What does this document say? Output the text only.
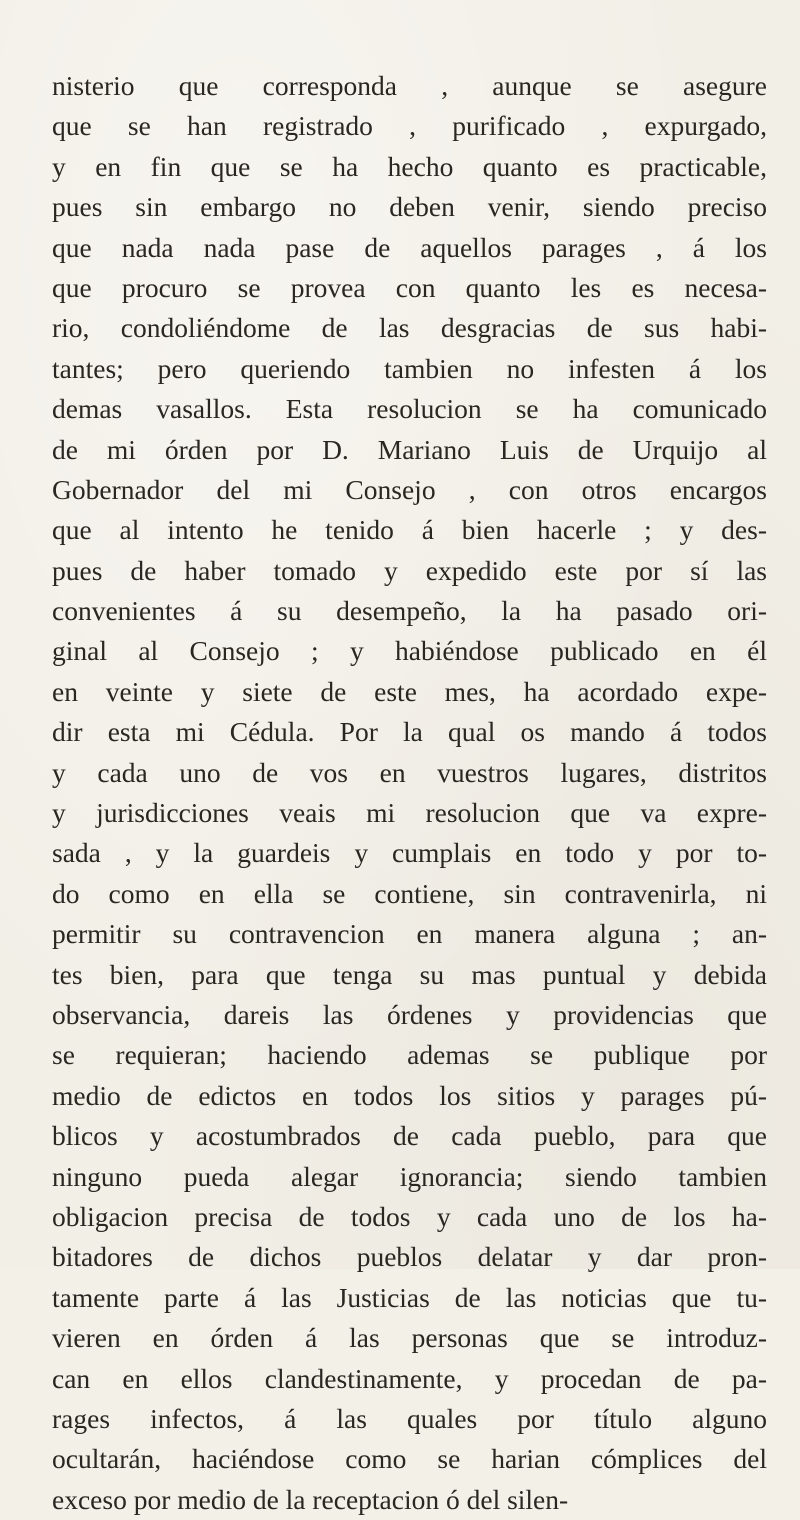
nisterio que corresponda , aunque se asegure
que se han registrado , purificado , expurgado,
y en fin que se ha hecho quanto es practicable,
pues sin embargo no deben venir, siendo preciso
que nada nada pase de aquellos parages , á los
que procuro se provea con quanto les es necesa-
rio, condoliéndome de las desgracias de sus habi-
tantes; pero queriendo tambien no infesten á los
demas vasallos. Esta resolucion se ha comunicado
de mi órden por D. Mariano Luis de Urquijo al
Gobernador del mi Consejo , con otros encargos
que al intento he tenido á bien hacerle ; y des-
pues de haber tomado y expedido este por sí las
convenientes á su desempeño, la ha pasado ori-
ginal al Consejo ; y habiéndose publicado en él
en veinte y siete de este mes, ha acordado expe-
dir esta mi Cédula. Por la qual os mando á todos
y cada uno de vos en vuestros lugares, distritos
y jurisdicciones veais mi resolucion que va expre-
sada , y la guardeis y cumplais en todo y por to-
do como en ella se contiene, sin contravenirla, ni
permitir su contravencion en manera alguna ; an-
tes bien, para que tenga su mas puntual y debida
observancia, dareis las órdenes y providencias que
se requieran; haciendo ademas se publique por
medio de edictos en todos los sitios y parages pú-
blicos y acostumbrados de cada pueblo, para que
ninguno pueda alegar ignorancia; siendo tambien
obligacion precisa de todos y cada uno de los ha-
bitadores de dichos pueblos delatar y dar pron-
tamente parte á las Justicias de las noticias que tu-
vieren en órden á las personas que se introduz-
can en ellos clandestinamente, y procedan de pa-
rages infectos, á las quales por título alguno
ocultarán, haciéndose como se harian cómplices del
exceso por medio de la receptacion ó del silen-
